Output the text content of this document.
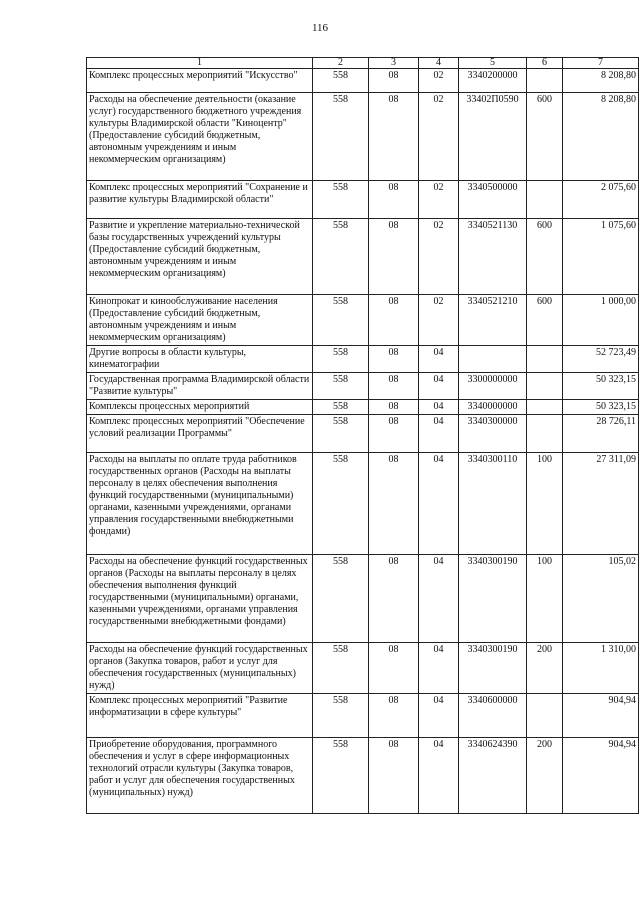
116
1	2	3	4	5	6	7
Комплекс процессных мероприятий "Искусство"	558	08	02	3340200000		8 208,80
Расходы на обеспечение деятельности (оказание услуг) государственного бюджетного учреждения культуры Владимирской области "Киноцентр" (Предоставление субсидий бюджетным, автономным учреждениям и иным некоммерческим организациям)	558	08	02	33402П0590	600	8 208,80
Комплекс процессных мероприятий "Сохранение и развитие культуры Владимирской области"	558	08	02	3340500000		2 075,60
Развитие и укрепление материально-технической базы государственных учреждений культуры (Предоставление субсидий бюджетным, автономным учреждениям и иным некоммерческим организациям)	558	08	02	3340521130	600	1 075,60
Кинопрокат и кинообслуживание населения (Предоставление субсидий бюджетным, автономным учреждениям и иным некоммерческим организациям)	558	08	02	3340521210	600	1 000,00
Другие вопросы в области культуры, кинематографии	558	08	04			52 723,49
Государственная программа Владимирской области "Развитие культуры"	558	08	04	3300000000		50 323,15
Комплексы процессных мероприятий	558	08	04	3340000000		50 323,15
Комплекс процессных мероприятий "Обеспечение условий реализации Программы"	558	08	04	3340300000		28 726,11
Расходы на выплаты по оплате труда работников государственных органов (Расходы на выплаты персоналу в целях обеспечения выполнения функций государственными (муниципальными) органами, казенными учреждениями, органами управления государственными внебюджетными фондами)	558	08	04	3340300110	100	27 311,09
Расходы на обеспечение функций государственных органов (Расходы на выплаты персоналу в целях обеспечения выполнения функций государственными (муниципальными) органами, казенными учреждениями, органами управления государственными внебюджетными фондами)	558	08	04	3340300190	100	105,02
Расходы на обеспечение функций государственных органов (Закупка товаров, работ и услуг для обеспечения государственных (муниципальных) нужд)	558	08	04	3340300190	200	1 310,00
Комплекс процессных мероприятий "Развитие информатизации в сфере культуры"	558	08	04	3340600000		904,94
Приобретение оборудования, программного обеспечения и услуг в сфере информационных технологий отрасли культуры (Закупка товаров, работ и услуг для обеспечения государственных (муниципальных) нужд)	558	08	04	3340624390	200	904,94
